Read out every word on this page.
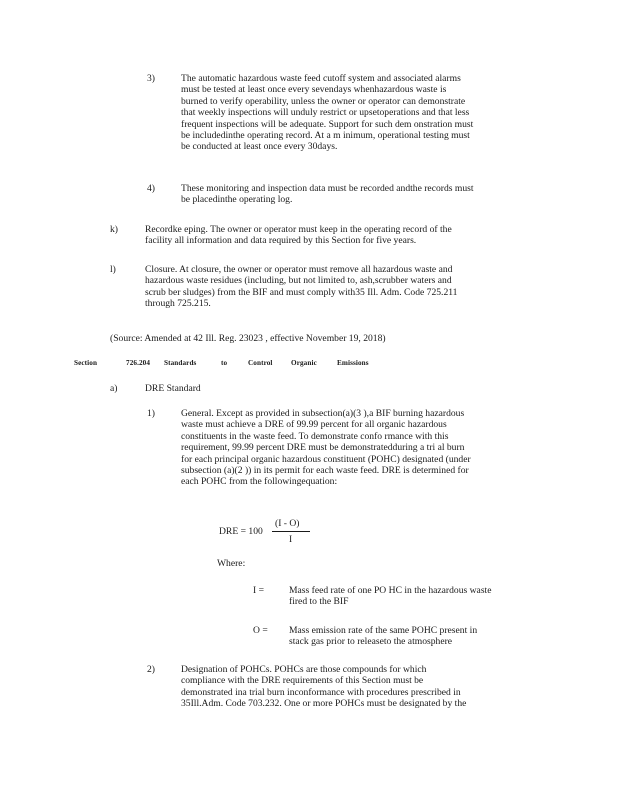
3)	The automatic hazardous waste feed cutoff system and associated alarms
must be tested at least once every sevendays whenhazardous waste is
burned to verify operability, unless the owner or operator can demonstrate
that weekly inspections will unduly restrict or upsetoperations and that less
frequent inspections will be adequate. Support for such dem onstration must
be includedinthe operating record. At a m inimum, operational testing must
be conducted at least once every 30days.
4)	These monitoring and inspection data must be recorded andthe records must
be placedinthe operating log.
k)	Recordke eping. The owner or operator must keep in the operating record of the
facility all information and data required by this Section for five years.
l)	Closure. At closure, the owner or operator must remove all hazardous waste and
hazardous waste residues (including, but not limited to, ash,scrubber waters and
scrub ber sludges) from the BIF and must comply with35 Ill. Adm. Code 725.211
through 725.215.
(Source: Amended at 42 Ill. Reg. 23023 , effective November 19, 2018)
Section	726.204 Standards	to	Control	Organic	Emissions
a)	DRE Standard
1)	General. Except as provided in subsection(a)(3 ),a BIF burning hazardous
waste must achieve a DRE of 99.99 percent for all organic hazardous
constituents in the waste feed. To demonstrate confo rmance with this
requirement, 99.99 percent DRE must be demonstratedduring a tri al burn
for each principal organic hazardous constituent (POHC) designated (under
subsection (a)(2 )) in its permit for each waste feed. DRE is determined for
each POHC from the followingequation:
DRE = 100
(I - O)
I
Where:
I =	Mass feed rate of one PO HC in the hazardous waste
fired to the BIF
O = Mass emission rate of the same POHC present in
stack gas prior to releaseto the atmosphere
2)	Designation of POHCs. POHCs are those compounds for which
compliance with the DRE requirements of this Section must be
demonstrated ina trial burn inconformance with procedures prescribed in
35Ill.Adm. Code 703.232. One or more POHCs must be designated by the
